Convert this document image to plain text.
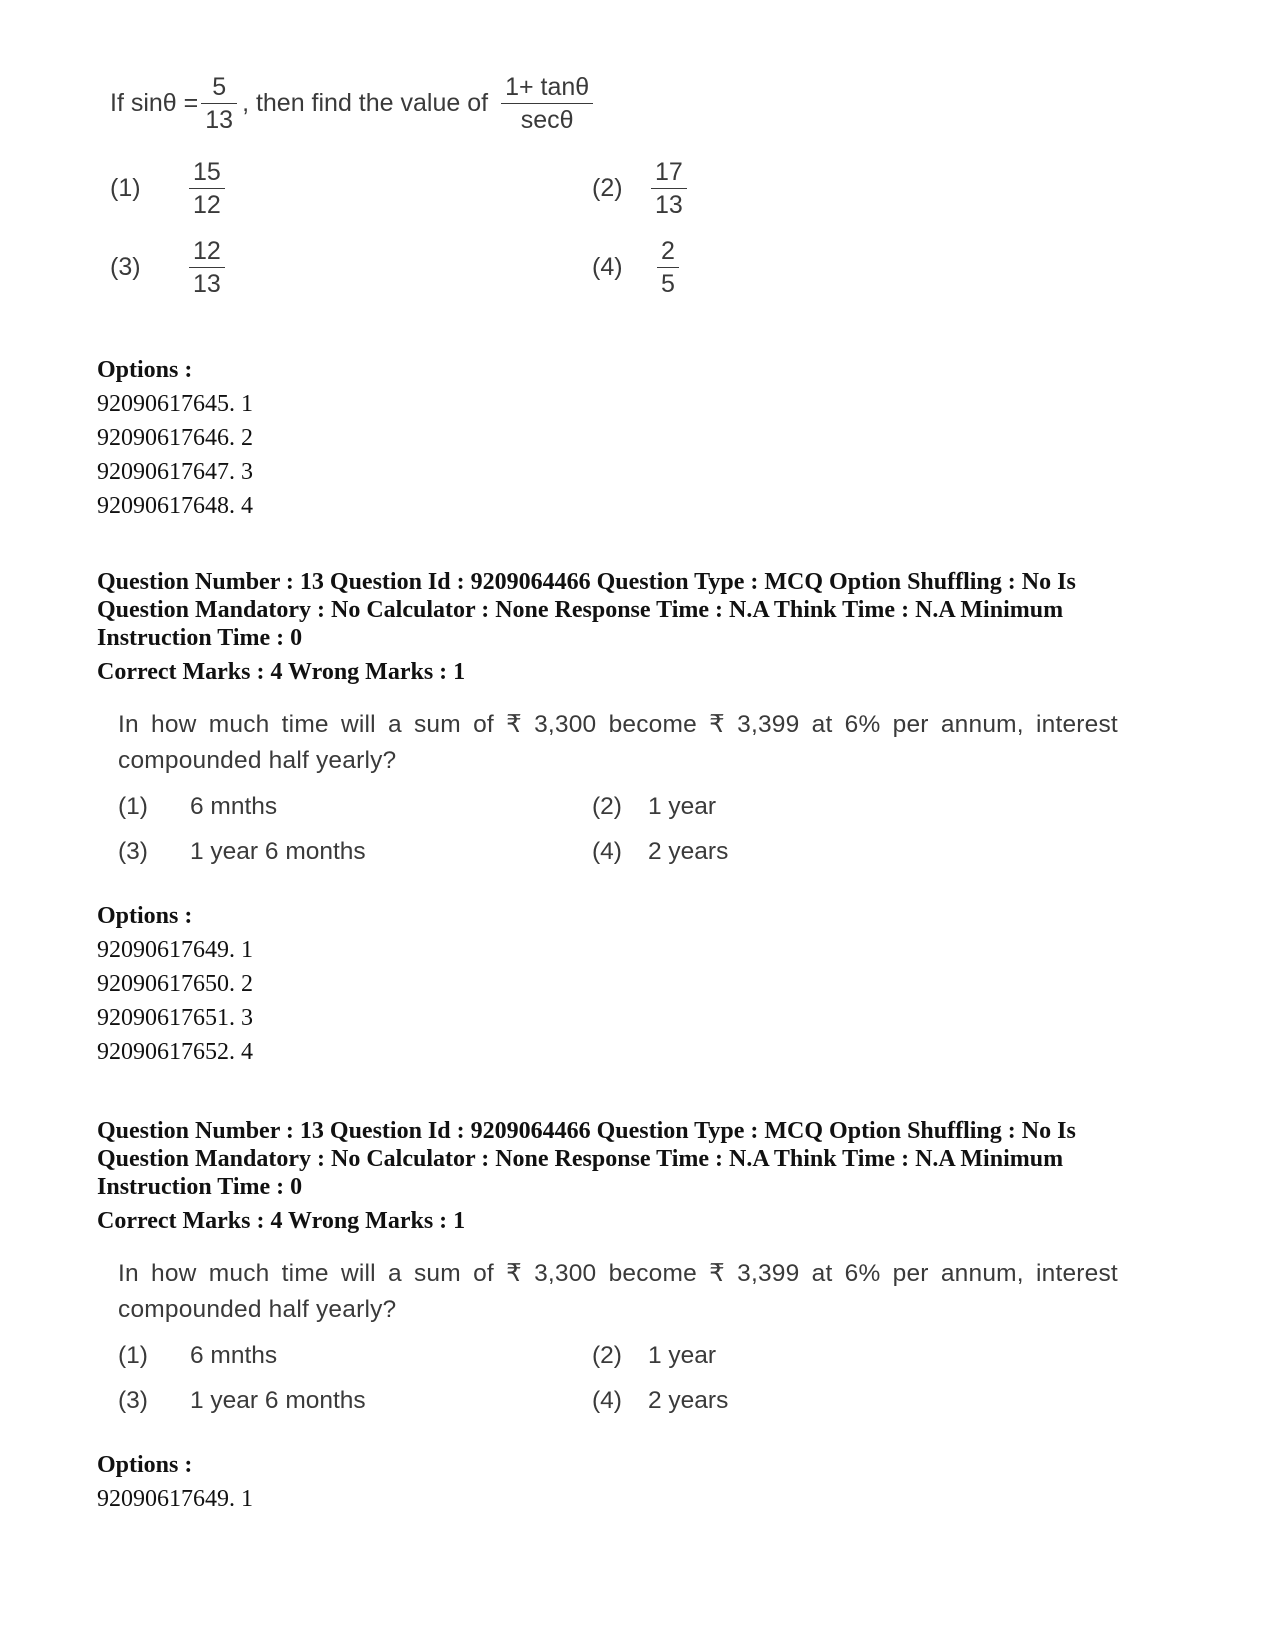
If $\sin\theta = \frac{5}{13}$ , then find the value of $\frac{1+ \tan\theta}{\sec\theta}$
(1)	$\frac{15}{12}$	(2)	$\frac{17}{13}$
(3)	$\frac{12}{13}$	(4)	$\frac{2}{5}$
Options :
92090617645. 1
92090617646. 2
92090617647. 3
92090617648. 4
Question Number : 13 Question Id : 9209064466 Question Type : MCQ Option Shuffling : No Is
Question Mandatory : No Calculator : None Response Time : N.A Think Time : N.A Minimum
Instruction Time : 0
Correct Marks : 4 Wrong Marks : 1
In how much time will a sum of ₹ 3,300 become ₹ 3,399 at 6% per annum, interest
compounded half yearly?
(1) 6 mnths	(2) 1 year
(3) 1 year 6 months	(4) 2 years
Options :
92090617649. 1
92090617650. 2
92090617651. 3
92090617652. 4
Question Number : 13 Question Id : 9209064466 Question Type : MCQ Option Shuffling : No Is
Question Mandatory : No Calculator : None Response Time : N.A Think Time : N.A Minimum
Instruction Time : 0
Correct Marks : 4 Wrong Marks : 1
In how much time will a sum of ₹ 3,300 become ₹ 3,399 at 6% per annum, interest
compounded half yearly?
(1) 6 mnths	(2) 1 year
(3) 1 year 6 months	(4) 2 years
Options :
92090617649. 1
